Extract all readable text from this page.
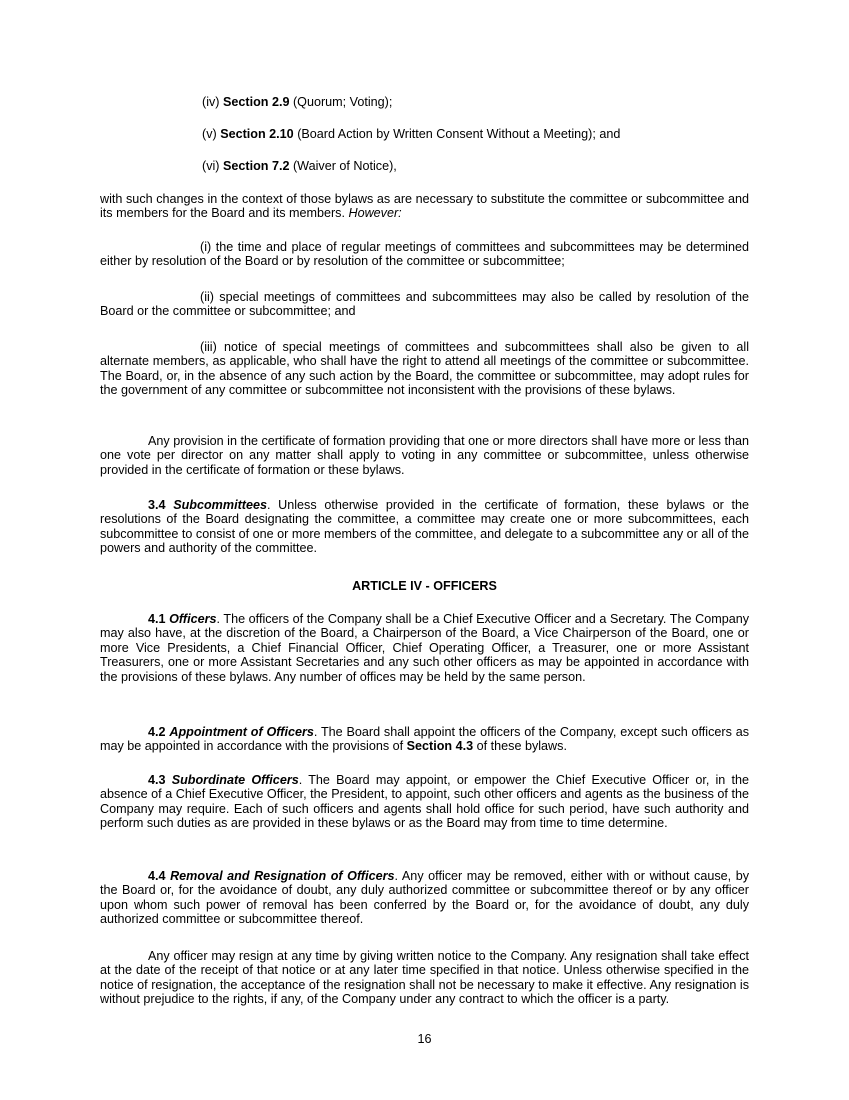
(iv) Section 2.9 (Quorum; Voting);
(v) Section 2.10 (Board Action by Written Consent Without a Meeting); and
(vi) Section 7.2 (Waiver of Notice),

with such changes in the context of those bylaws as are necessary to substitute the committee or subcommittee and its members for the Board and its members. However:

(i) the time and place of regular meetings of committees and subcommittees may be determined either by resolution of the Board or by resolution of the committee or subcommittee;

(ii) special meetings of committees and subcommittees may also be called by resolution of the Board or the committee or subcommittee; and

(iii) notice of special meetings of committees and subcommittees shall also be given to all alternate members, as applicable, who shall have the right to attend all meetings of the committee or subcommittee. The Board, or, in the absence of any such action by the Board, the committee or subcommittee, may adopt rules for the government of any committee or subcommittee not inconsistent with the provisions of these bylaws.

Any provision in the certificate of formation providing that one or more directors shall have more or less than one vote per director on any matter shall apply to voting in any committee or subcommittee, unless otherwise provided in the certificate of formation or these bylaws.

3.4 Subcommittees. Unless otherwise provided in the certificate of formation, these bylaws or the resolutions of the Board designating the committee, a committee may create one or more subcommittees, each subcommittee to consist of one or more members of the committee, and delegate to a subcommittee any or all of the powers and authority of the committee.

ARTICLE IV - OFFICERS

4.1 Officers. The officers of the Company shall be a Chief Executive Officer and a Secretary. The Company may also have, at the discretion of the Board, a Chairperson of the Board, a Vice Chairperson of the Board, one or more Vice Presidents, a Chief Financial Officer, Chief Operating Officer, a Treasurer, one or more Assistant Treasurers, one or more Assistant Secretaries and any such other officers as may be appointed in accordance with the provisions of these bylaws. Any number of offices may be held by the same person.

4.2 Appointment of Officers. The Board shall appoint the officers of the Company, except such officers as may be appointed in accordance with the provisions of Section 4.3 of these bylaws.

4.3 Subordinate Officers. The Board may appoint, or empower the Chief Executive Officer or, in the absence of a Chief Executive Officer, the President, to appoint, such other officers and agents as the business of the Company may require. Each of such officers and agents shall hold office for such period, have such authority and perform such duties as are provided in these bylaws or as the Board may from time to time determine.

4.4 Removal and Resignation of Officers. Any officer may be removed, either with or without cause, by the Board or, for the avoidance of doubt, any duly authorized committee or subcommittee thereof or by any officer upon whom such power of removal has been conferred by the Board or, for the avoidance of doubt, any duly authorized committee or subcommittee thereof.

Any officer may resign at any time by giving written notice to the Company. Any resignation shall take effect at the date of the receipt of that notice or at any later time specified in that notice. Unless otherwise specified in the notice of resignation, the acceptance of the resignation shall not be necessary to make it effective. Any resignation is without prejudice to the rights, if any, of the Company under any contract to which the officer is a party.

16
